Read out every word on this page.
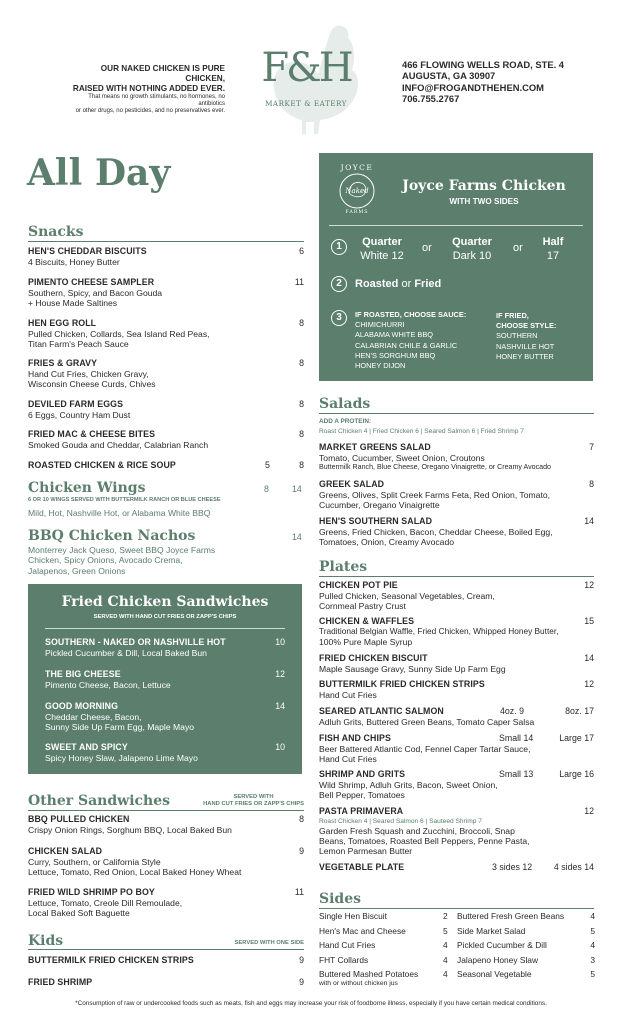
OUR NAKED CHICKEN IS PURE CHICKEN,
RAISED WITH NOTHING ADDED EVER.
That means no growth stimulants, no hormones, no antibiotics
or other drugs, no pesticides, and no preservatives ever.
F&H
MARKET & EATERY
466 FLOWING WELLS ROAD, STE. 4
AUGUSTA, GA 30907
INFO@FROGANDTHEHEN.COM
706.755.2767
All Day
Snacks
HEN'S CHEDDAR BISCUITS
4 Biscuits, Honey Butter
6
PIMENTO CHEESE SAMPLER
Southern, Spicy, and Bacon Gouda
+ House Made Saltines
11
HEN EGG ROLL
Pulled Chicken, Collards, Sea Island Red Peas,
Titan Farm's Peach Sauce
8
FRIES & GRAVY
Hand Cut Fries, Chicken Gravy,
Wisconsin Cheese Curds, Chives
8
DEVILED FARM EGGS
6 Eggs, Country Ham Dust
8
FRIED MAC & CHEESE BITES
Smoked Gouda and Cheddar, Calabrian Ranch
8
ROASTED CHICKEN & RICE SOUP	5	8
Chicken Wings	8	14
6 OR 10 WINGS SERVED WITH BUTTERMILK RANCH OR BLUE CHEESE
Mild, Hot, Nashville Hot, or Alabama White BBQ
BBQ Chicken Nachos	14
Monterrey Jack Queso, Sweet BBQ Joyce Farms
Chicken, Spicy Onions, Avocado Crema,
Jalapenos, Green Onions
Fried Chicken Sandwiches
SERVED WITH HAND CUT FRIES OR ZAPP'S CHIPS
SOUTHERN - NAKED OR NASHVILLE HOT
Pickled Cucumber & Dill, Local Baked Bun
10
THE BIG CHEESE
Pimento Cheese, Bacon, Lettuce
12
GOOD MORNING
Cheddar Cheese, Bacon,
Sunny Side Up Farm Egg, Maple Mayo
14
SWEET AND SPICY
Spicy Honey Slaw, Jalapeno Lime Mayo
10
Other Sandwiches	SERVED WITH
HAND CUT FRIES OR ZAPP'S CHIPS
BBQ PULLED CHICKEN
Crispy Onion Rings, Sorghum BBQ, Local Baked Bun
8
CHICKEN SALAD
Curry, Southern, or California Style
Lettuce, Tomato, Red Onion, Local Baked Honey Wheat
9
FRIED WILD SHRIMP PO BOY
Lettuce, Tomato, Creole Dill Remoulade,
Local Baked Soft Baguette
11
Kids	SERVED WITH ONE SIDE
BUTTERMILK FRIED CHICKEN STRIPS	9
FRIED SHRIMP	9
JOYCE
Naked
FARMS
Joyce Farms Chicken
WITH TWO SIDES
1	Quarter
White 12
or	Quarter
Dark 10
or	Half
17
2	Roasted or Fried
3	IF ROASTED, CHOOSE SAUCE:
CHIMICHURRI
ALABAMA WHITE BBQ
CALABRIAN CHILE & GARLIC
HEN'S SORGHUM BBQ
HONEY DIJON
IF FRIED,
CHOOSE STYLE:
SOUTHERN
NASHVILLE HOT
HONEY BUTTER
Salads
ADD A PROTEIN:
Roast Chicken 4 | Fried Chicken 6 | Seared Salmon 6 | Fried Shrimp 7
MARKET GREENS SALAD
Tomato, Cucumber, Sweet Onion, Croutons
Buttermilk Ranch, Blue Cheese, Oregano Vinaigrette, or Creamy Avocado
7
GREEK SALAD
Greens, Olives, Split Creek Farms Feta, Red Onion, Tomato,
Cucumber, Oregano Vinaigrette
8
HEN'S SOUTHERN SALAD
Greens, Fried Chicken, Bacon, Cheddar Cheese, Boiled Egg,
Tomatoes, Onion, Creamy Avocado
14
Plates
CHICKEN POT PIE
Pulled Chicken, Seasonal Vegetables, Cream,
Cornmeal Pastry Crust
12
CHICKEN & WAFFLES
Traditional Belgian Waffle, Fried Chicken, Whipped Honey Butter,
100% Pure Maple Syrup
15
FRIED CHICKEN BISCUIT
Maple Sausage Gravy, Sunny Side Up Farm Egg
14
BUTTERMILK FRIED CHICKEN STRIPS
Hand Cut Fries
12
SEARED ATLANTIC SALMON
Adluh Grits, Buttered Green Beans, Tomato Caper Salsa
4oz. 9	8oz. 17
FISH AND CHIPS
Beer Battered Atlantic Cod, Fennel Caper Tartar Sauce,
Hand Cut Fries
Small 14	Large 17
SHRIMP AND GRITS
Wild Shrimp, Adluh Grits, Bacon, Sweet Onion,
Bell Pepper, Tomatoes
Small 13	Large 16
PASTA PRIMAVERA
Roast Chicken 4 | Seared Salmon 6 | Sauteed Shrimp 7
Garden Fresh Squash and Zucchini, Broccoli, Snap
Beans, Tomatoes, Roasted Bell Peppers, Penne Pasta,
Lemon Parmesan Butter
12
VEGETABLE PLATE	3 sides 12 4 sides 14
Sides
Single Hen Biscuit	2	Buttered Fresh Green Beans	4
Hen's Mac and Cheese	5	Side Market Salad	5
Hand Cut Fries	4	Pickled Cucumber & Dill	4
FHT Collards	4	Jalapeno Honey Slaw	3
Buttered Mashed Potatoes	4	Seasonal Vegetable	5
with or without chicken jus
*Consumption of raw or undercooked foods such as meats, fish and eggs may increase your risk of foodborne illness, especially if you have certain medical conditions.
